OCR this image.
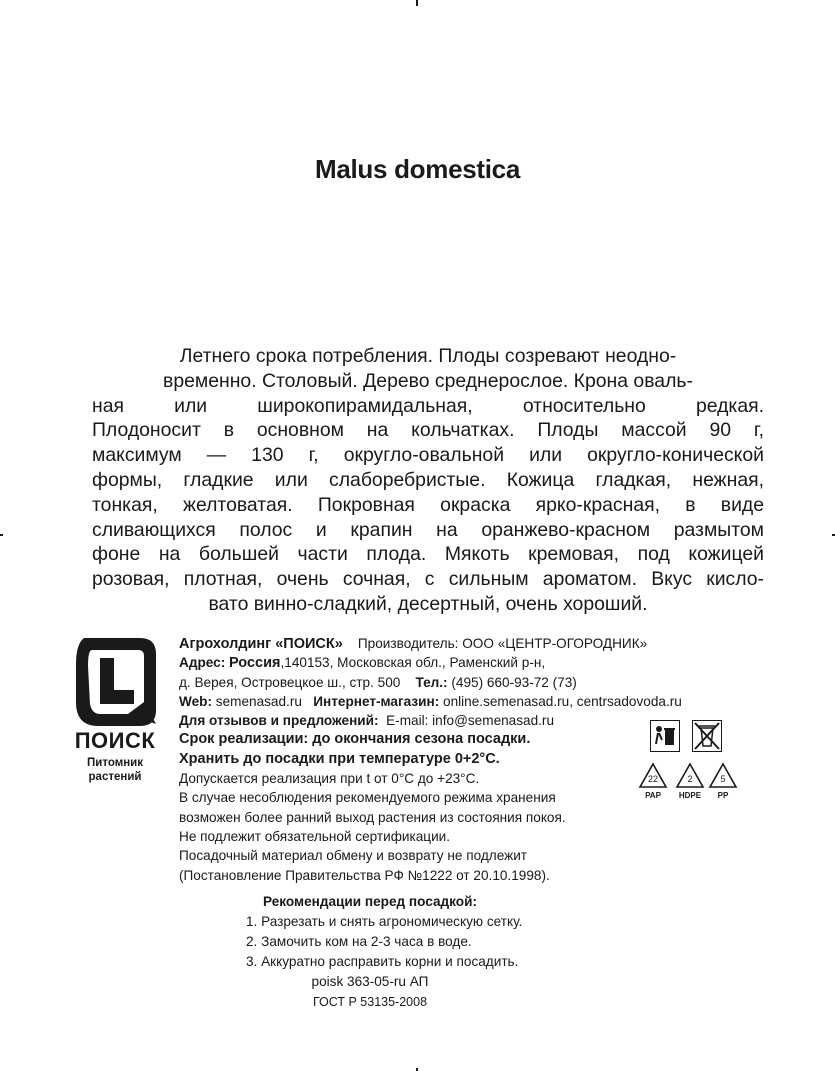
Malus domestica
Летнего срока потребления. Плоды созревают неодно-
временно. Столовый. Дерево среднерослое. Крона оваль-
ная или широкопирамидальная, относительно редкая.
Плодоносит в основном на кольчатках. Плоды массой 90 г,
максимум — 130 г, округло-овальной или округло-конической
формы, гладкие или слаборебристые. Кожица гладкая, нежная,
тонкая, желтоватая. Покровная окраска ярко-красная, в виде
сливающихся полос и крапин на оранжево-красном размытом
фоне на большей части плода. Мякоть кремовая, под кожицей
розовая, плотная, очень сочная, с сильным ароматом. Вкус кисло-
вато винно-сладкий, десертный, очень хороший.
ПОИСК
Питомник
растений
Агрохолдинг «ПОИСК» Производитель: ООО «ЦЕНТР-ОГОРОДНИК»
Адрес: Россия,140153, Московская обл., Раменский р-н,
д. Верея, Островецкое ш., стр. 500 Тел.: (495) 660-93-72 (73)
Web: semenasad.ru Интернет-магазин: online.semenasad.ru, centrsadovoda.ru
Для отзывов и предложений: E-mail: info@semenasad.ru
Срок реализации: до окончания сезона посадки.
Хранить до посадки при температуре 0+2°С.
Допускается реализация при t от 0°С до +23°С.
В случае несоблюдения рекомендуемого режима хранения
возможен более ранний выход растения из состояния покоя.
Не подлежит обязательной сертификации.
Посадочный материал обмену и возврату не подлежит
(Постановление Правительства РФ №1222 от 20.10.1998).
Рекомендации перед посадкой:
1. Разрезать и снять агрономическую сетку.
2. Замочить ком на 2-3 часа в воде.
3. Аккуратно расправить корни и посадить.
poisk 363-05-ru АП
ГОСТ Р 53135-2008
22
PAP
2
HDPE
5
PP
